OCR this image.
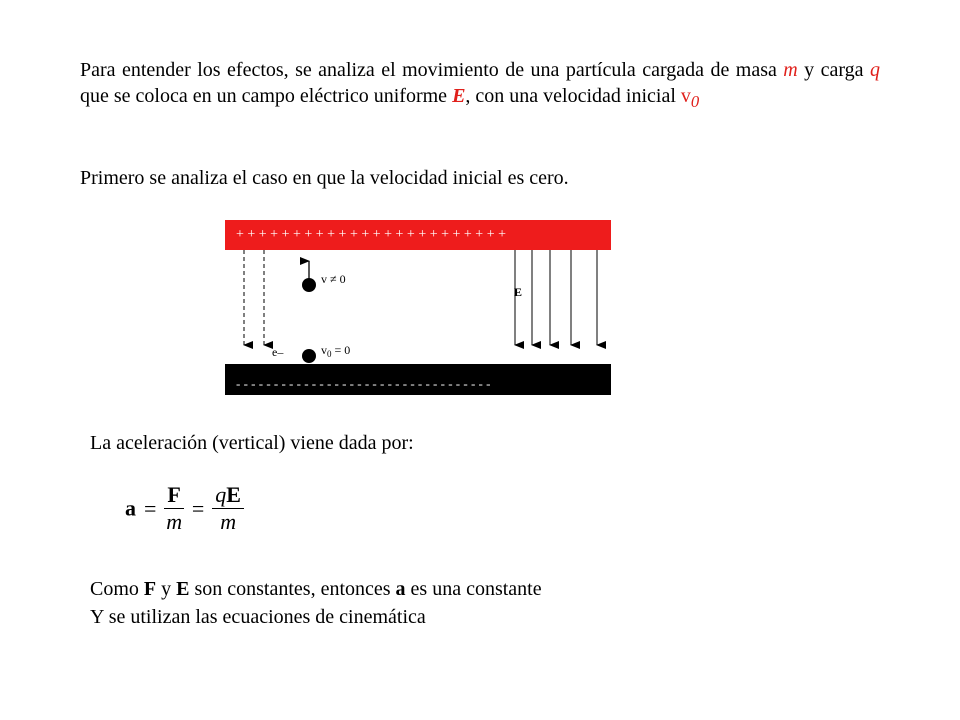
Para entender los efectos, se analiza el movimiento de una partícula cargada de masa m y carga q que se coloca en un campo eléctrico uniforme E, con una velocidad inicial $v_0$

Primero se analiza el caso en que la velocidad inicial es cero.

+ + + + + + + + + + + + + + + + + + + + + + + +
- - - - - - - - - - - - - - - - - - - - - - - - - - - - - - - - - -
v ≠ 0
E
e–	$v_0 = 0$

La aceleración (vertical) viene dada por:

$a = \frac{F}{m} = \frac{qE}{m}$

Como F y E son constantes, entonces a es una constante

Y se utilizan las ecuaciones de cinemática
